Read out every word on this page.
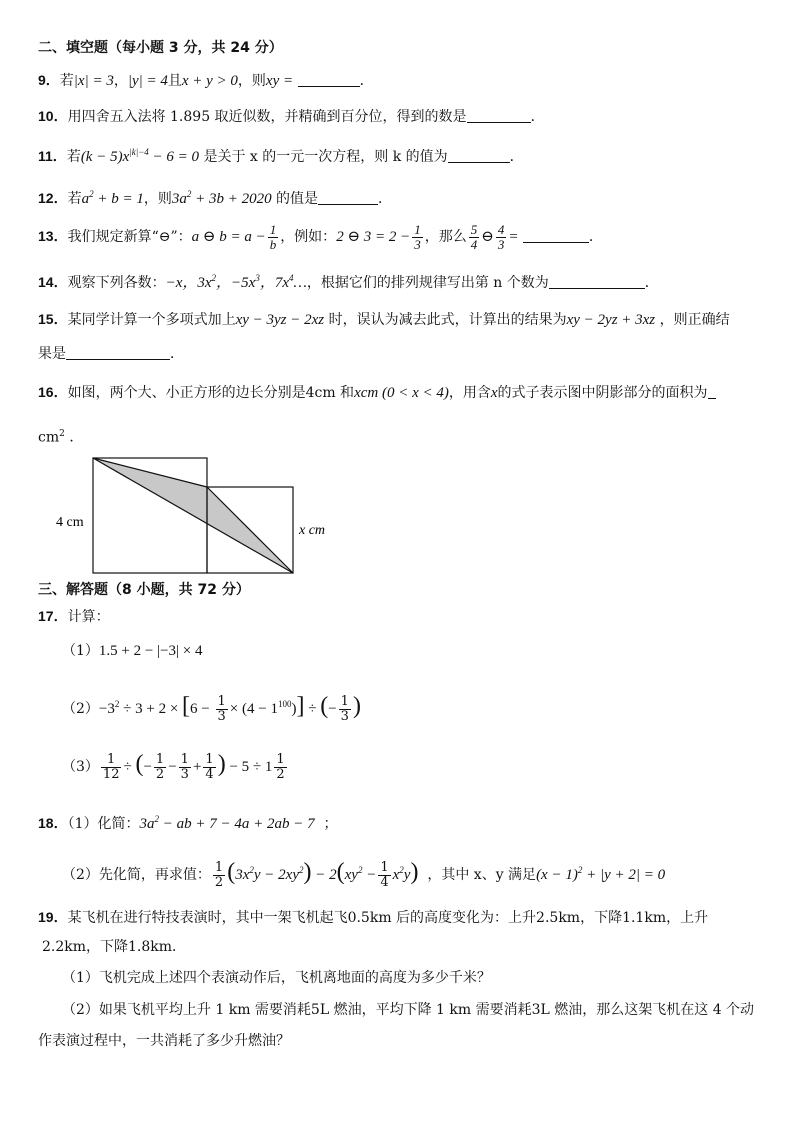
二、填空题（每小题 3 分，共 24 分）
9．若|x| = 3，|y| = 4且x + y > 0，则xy =	．
10．用四舍五入法将 1.895 取近似数，并精确到百分位，得到的数是	．
11．若$(k - 5)x^{|k|-4} - 6 = 0$ 是关于 x 的一元一次方程，则 k 的值为	．
12．若$a^2 + b = 1$，则$3a^2 + 3b + 2020$ 的值是	．
13．我们规定新算“⊖”：a ⊖ $b = a - \frac{1}{b}$ ，例如：2 ⊖ $3 = 2 - \frac{1}{3}$ ，那么 $\frac{5}{4}$ ⊖ $\frac{4}{3}$ =	．
14．观察下列各数：−x，$3x^2$，$-5x^3$，$7x^4\dots$，根据它们的排列规律写出第 n 个数为	．
15．某同学计算一个多项式加上xy − 3yz − 2xz 时，误认为减去此式，计算出的结果为xy − 2yz + 3xz ，则正确结
果是	．
16．如图，两个大、小正方形的边长分别是4cm 和xcm (0 < x < 4)，用含x的式子表示图中阴影部分的面积为
$cm^2$ ．
4 cm
x cm
三、解答题（8 小题，共 72 分）
17．计算：
（1）1.5 + 2 − |−3| × 4
$(2)-3^2 \div 3 + 2 \times [6 - \frac{1}{3} \times (4 - 1^{100})]$ ÷ (− $\frac{1}{3}$ )
$(3) \frac{1}{12}$ ÷ (− $\frac{1}{2} - \frac{1}{3} + \frac{1}{4}$ ) − $5 \div 1 \frac{1}{2}$
18．（1）化简：$3a^2$ − ab + 7 − 4a + 2ab − 7 ；
（2）先化简，再求值： $\frac{1}{2} (3x^2y - 2xy^2) - 2(xy^2 - \frac{1}{4} x^2y)$ ，其中 x、y 满足$(x - 1)^2 + |y + 2| = 0$
19．某飞机在进行特技表演时，其中一架飞机起飞0.5km 后的高度变化为：上升2.5km，下降1.1km，上升
2.2km，下降1.8km．
（1）飞机完成上述四个表演动作后，飞机离地面的高度为多少千米？
（2）如果飞机平均上升 1 km 需要消耗5L 燃油，平均下降 1 km 需要消耗3L 燃油，那么这架飞机在这 4 个动
作表演过程中，一共消耗了多少升燃油？
